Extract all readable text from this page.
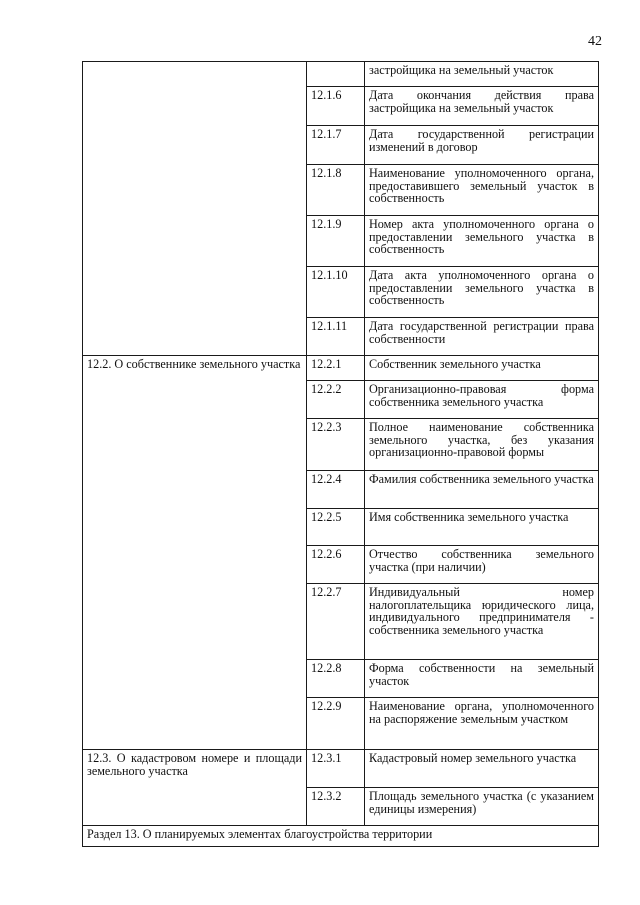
42
		застройщика на земельный участок
	12.1.6	Дата окончания действия права застройщика на земельный участок
	12.1.7	Дата государственной регистрации изменений в договор
	12.1.8	Наименование уполномоченного органа, предоставившего земельный участок в собственность
	12.1.9	Номер акта уполномоченного органа о предоставлении земельного участка в собственность
	12.1.10	Дата акта уполномоченного органа о предоставлении земельного участка в собственность
	12.1.11	Дата государственной регистрации права собственности
12.2. О собственнике земельного участка	12.2.1	Собственник земельного участка
	12.2.2	Организационно-правовая форма собственника земельного участка
	12.2.3	Полное наименование собственника земельного участка, без указания организационно-правовой формы
	12.2.4	Фамилия собственника земельного участка
	12.2.5	Имя собственника земельного участка
	12.2.6	Отчество собственника земельного участка (при наличии)
	12.2.7	Индивидуальный номер налогоплательщика юридического лица, индивидуального предпринимателя - собственника земельного участка
	12.2.8	Форма собственности на земельный участок
	12.2.9	Наименование органа, уполномоченного на распоряжение земельным участком
12.3. О кадастровом номере и площади земельного участка	12.3.1	Кадастровый номер земельного участка
	12.3.2	Площадь земельного участка (с указанием единицы измерения)
Раздел 13. О планируемых элементах благоустройства территории		
